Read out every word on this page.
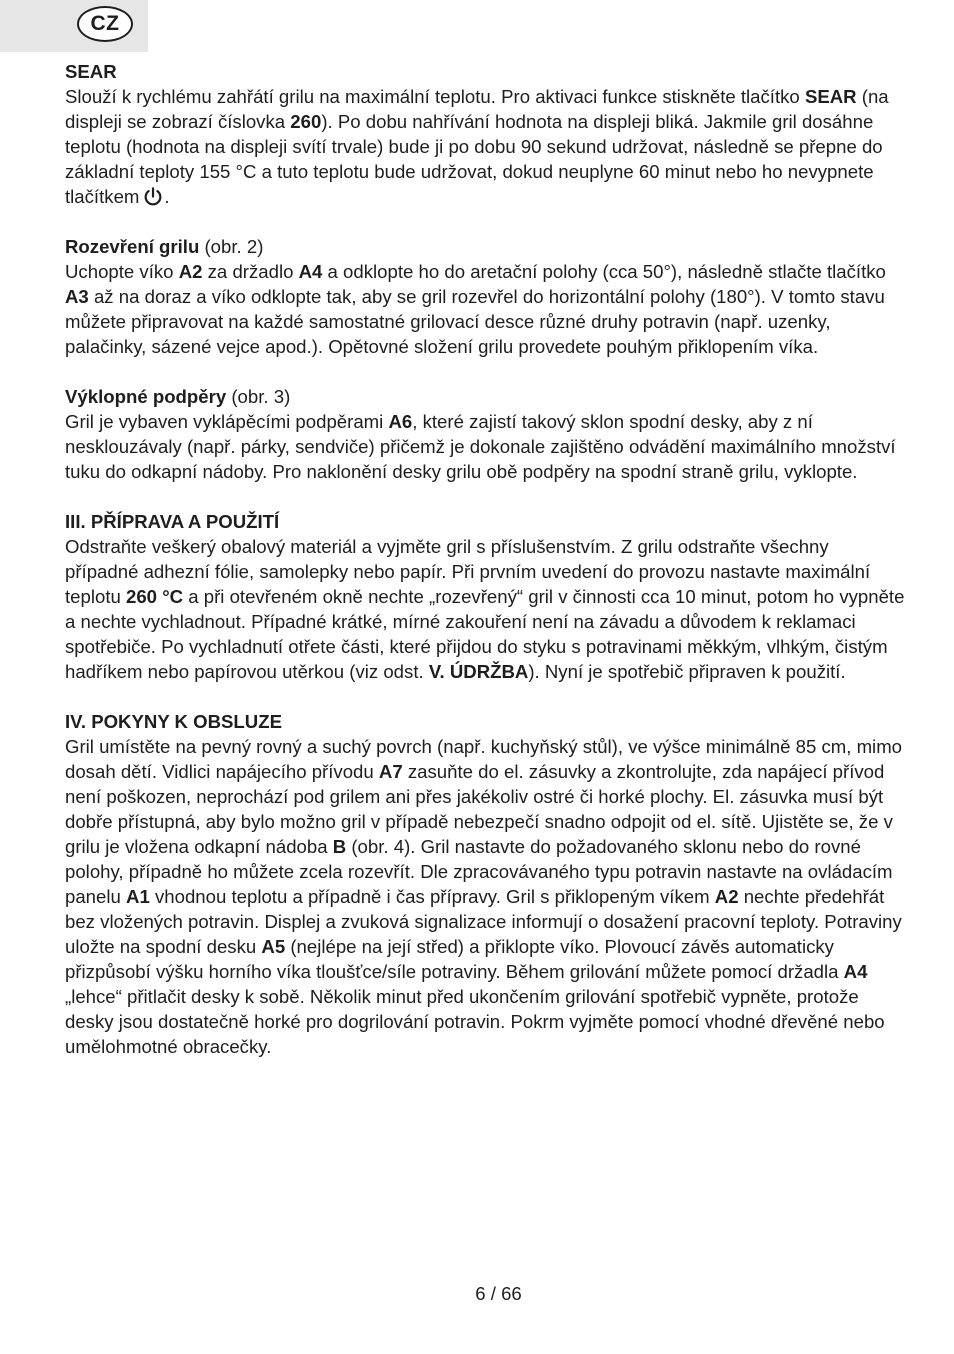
CZ

SEAR

Slouží k rychlému zahřátí grilu na maximální teplotu. Pro aktivaci funkce stiskněte tlačítko SEAR (na displeji se zobrazí číslovka 260). Po dobu nahřívání hodnota na displeji bliká. Jakmile gril dosáhne teplotu (hodnota na displeji svítí trvale) bude ji po dobu 90 sekund udržovat, následně se přepne do základní teploty 155 °C a tuto teplotu bude udržovat, dokud neuplyne 60 minut nebo ho nevypnete tlačítkem .

Rozevření grilu (obr. 2)

Uchopte víko A2 za držadlo A4 a odklopte ho do aretační polohy (cca 50°), následně stlačte tlačítko A3 až na doraz a víko odklopte tak, aby se gril rozevřel do horizontální polohy (180°). V tomto stavu můžete připravovat na každé samostatné grilovací desce různé druhy potravin (např. uzenky, palačinky, sázené vejce apod.). Opětovné složení grilu provedete pouhým přiklopením víka.

Výklopné podpěry (obr. 3)

Gril je vybaven vyklápěcími podpěrami A6, které zajistí takový sklon spodní desky, aby z ní nesklouzávaly (např. párky, sendviče) přičemž je dokonale zajištěno odvádění maximálního množství tuku do odkapní nádoby. Pro naklonění desky grilu obě podpěry na spodní straně grilu, vyklopte.

III. PŘÍPRAVA A POUŽITÍ

Odstraňte veškerý obalový materiál a vyjměte gril s příslušenstvím. Z grilu odstraňte všechny případné adhezní fólie, samolepky nebo papír. Při prvním uvedení do provozu nastavte maximální teplotu 260 °C a při otevřeném okně nechte „rozevřený“ gril v činnosti cca 10 minut, potom ho vypněte a nechte vychladnout. Případné krátké, mírné zakouření není na závadu a důvodem k reklamaci spotřebiče. Po vychladnutí otřete části, které přijdou do styku s potravinami měkkým, vlhkým, čistým hadříkem nebo papírovou utěrkou (viz odst. V. ÚDRŽBA). Nyní je spotřebič připraven k použití.

IV. POKYNY K OBSLUZE

Gril umístěte na pevný rovný a suchý povrch (např. kuchyňský stůl), ve výšce minimálně 85 cm, mimo dosah dětí. Vidlici napájecího přívodu A7 zasuňte do el. zásuvky a zkontrolujte, zda napájecí přívod není poškozen, neprochází pod grilem ani přes jakékoliv ostré či horké plochy. El. zásuvka musí být dobře přístupná, aby bylo možno gril v případě nebezpečí snadno odpojit od el. sítě. Ujistěte se, že v grilu je vložena odkapní nádoba B (obr. 4). Gril nastavte do požadovaného sklonu nebo do rovné polohy, případně ho můžete zcela rozevřít. Dle zpracovávaného typu potravin nastavte na ovládacím panelu A1 vhodnou teplotu a případně i čas přípravy. Gril s přiklopeným víkem A2 nechte předehřát bez vložených potravin. Displej a zvuková signalizace informují o dosažení pracovní teploty. Potraviny uložte na spodní desku A5 (nejlépe na její střed) a přiklopte víko. Plovoucí závěs automaticky přizpůsobí výšku horního víka tloušťce/síle potraviny. Během grilování můžete pomocí držadla A4 „lehce“ přitlačit desky k sobě. Několik minut před ukončením grilování spotřebič vypněte, protože desky jsou dostatečně horké pro dogrilování potravin. Pokrm vyjměte pomocí vhodné dřevěné nebo umělohmotné obracečky.

6 / 66
